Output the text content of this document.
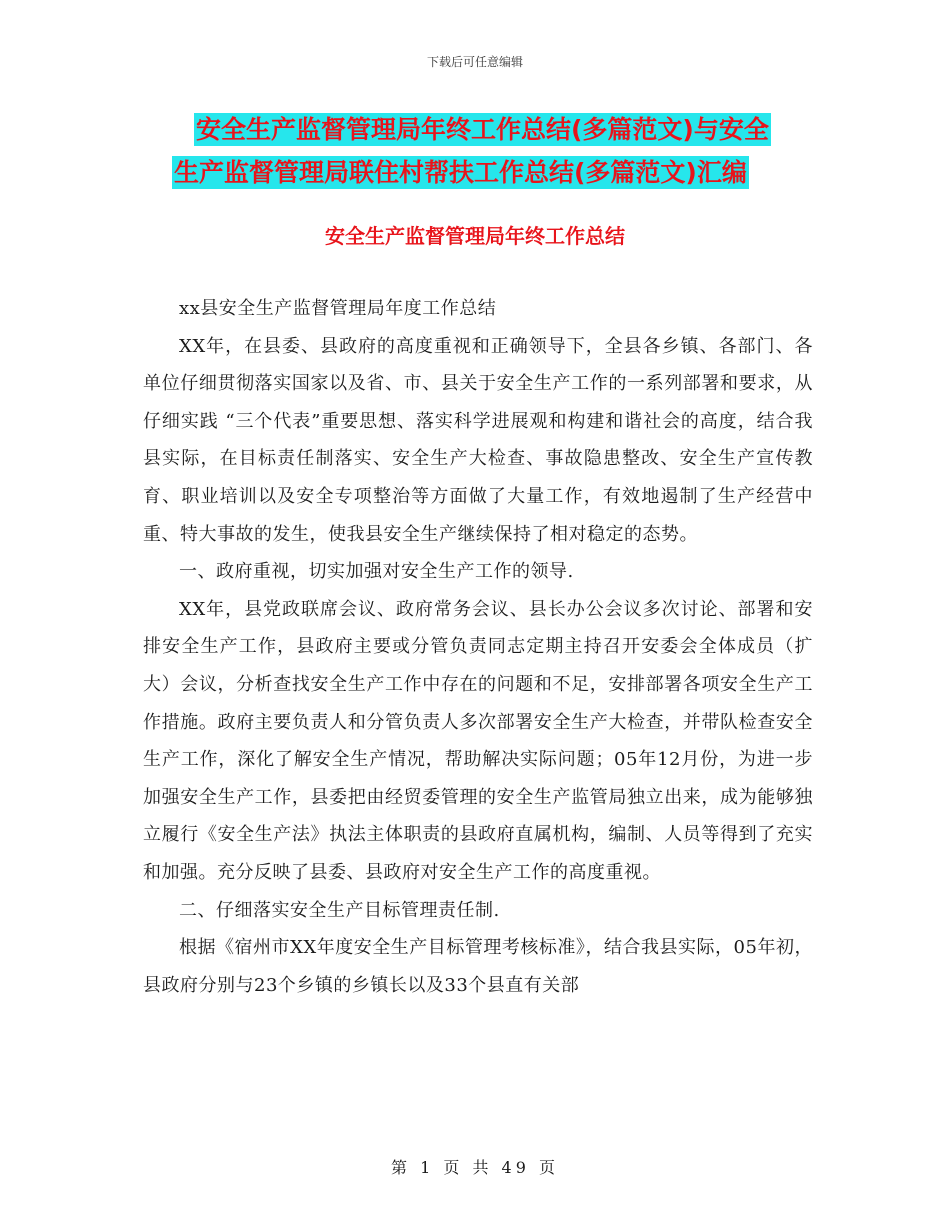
下载后可任意编辑
安全生产监督管理局年终工作总结(多篇范文)与安全
生产监督管理局联住村帮扶工作总结(多篇范文)汇编
安全生产监督管理局年终工作总结

xx县安全生产监督管理局年度工作总结

XX年，在县委、县政府的高度重视和正确领导下，全县各乡镇、各部门、各单位仔细贯彻落实国家以及省、市、县关于安全生产工作的一系列部署和要求，从仔细实践 “三个代表”重要思想、落实科学进展观和构建和谐社会的高度，结合我县实际，在目标责任制落实、安全生产大检查、事故隐患整改、安全生产宣传教育、职业培训以及安全专项整治等方面做了大量工作，有效地遏制了生产经营中重、特大事故的发生，使我县安全生产继续保持了相对稳定的态势。

一、政府重视，切实加强对安全生产工作的领导.

XX年，县党政联席会议、政府常务会议、县长办公会议多次讨论、部署和安排安全生产工作，县政府主要或分管负责同志定期主持召开安委会全体成员（扩大）会议，分析查找安全生产工作中存在的问题和不足，安排部署各项安全生产工作措施。政府主要负责人和分管负责人多次部署安全生产大检查，并带队检查安全生产工作，深化了解安全生产情况，帮助解决实际问题；05年12月份，为进一步加强安全生产工作，县委把由经贸委管理的安全生产监管局独立出来，成为能够独立履行《安全生产法》执法主体职责的县政府直属机构，编制、人员等得到了充实和加强。充分反映了县委、县政府对安全生产工作的高度重视。

二、仔细落实安全生产目标管理责任制.

根据《宿州市XX年度安全生产目标管理考核标准》，结合我县实际，05年初，县政府分别与23个乡镇的乡镇长以及33个县直有关部

第 1 页 共 49 页
